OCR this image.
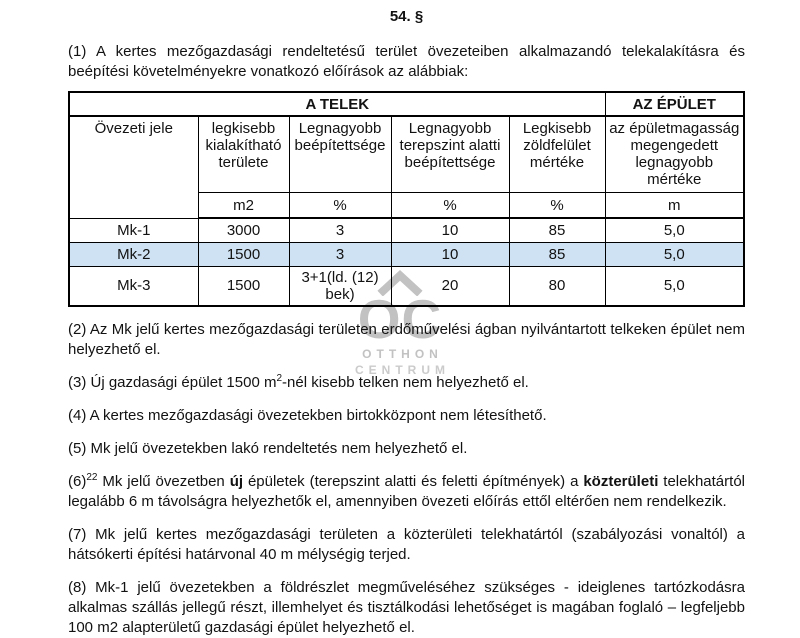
OC
OTTHON
CENTRUM
54. §

(1) A kertes mezőgazdasági rendeltetésű terület övezeteiben alkalmazandó telekalakításra és beépítési követelményekre vonatkozó előírások az alábbiak:

A TELEK					AZ ÉPÜLET
Övezeti jele	legkisebb kialakítható területe	Legnagyobb beépítettsége	Legnagyobb terepszint alatti beépítettsége	Legkisebb zöldfelület mértéke	az épületmagasság megengedett legnagyobb mértéke
	m2	%	%	%	m
Mk-1	3000	3	10	85	5,0
Mk-2	1500	3	10	85	5,0
Mk-3	1500	3+1(ld. (12) bek)	20	80	5,0

(2) Az Mk jelű kertes mezőgazdasági területen erdőművelési ágban nyilvántartott telkeken épület nem helyezhető el.

(3) Új gazdasági épület 1500 $m^2$-nél kisebb telken nem helyezhető el.

(4) A kertes mezőgazdasági övezetekben birtokközpont nem létesíthető.

(5) Mk jelű övezetekben lakó rendeltetés nem helyezhető el.

$(6)^{22}$ Mk jelű övezetben új épületek (terepszint alatti és feletti építmények) a közterületi telekhatártól legalább 6 m távolságra helyezhetők el, amennyiben övezeti előírás ettől eltérően nem rendelkezik.

(7) Mk jelű kertes mezőgazdasági területen a közterületi telekhatártól (szabályozási vonaltól) a hátsókerti építési határvonal 40 m mélységig terjed.

(8) Mk-1 jelű övezetekben a földrészlet megműveléséhez szükséges - ideiglenes tartózkodásra alkalmas szállás jellegű részt, illemhelyet és tisztálkodási lehetőséget is magában foglaló – legfeljebb 100 m2 alapterületű gazdasági épület helyezhető el.
